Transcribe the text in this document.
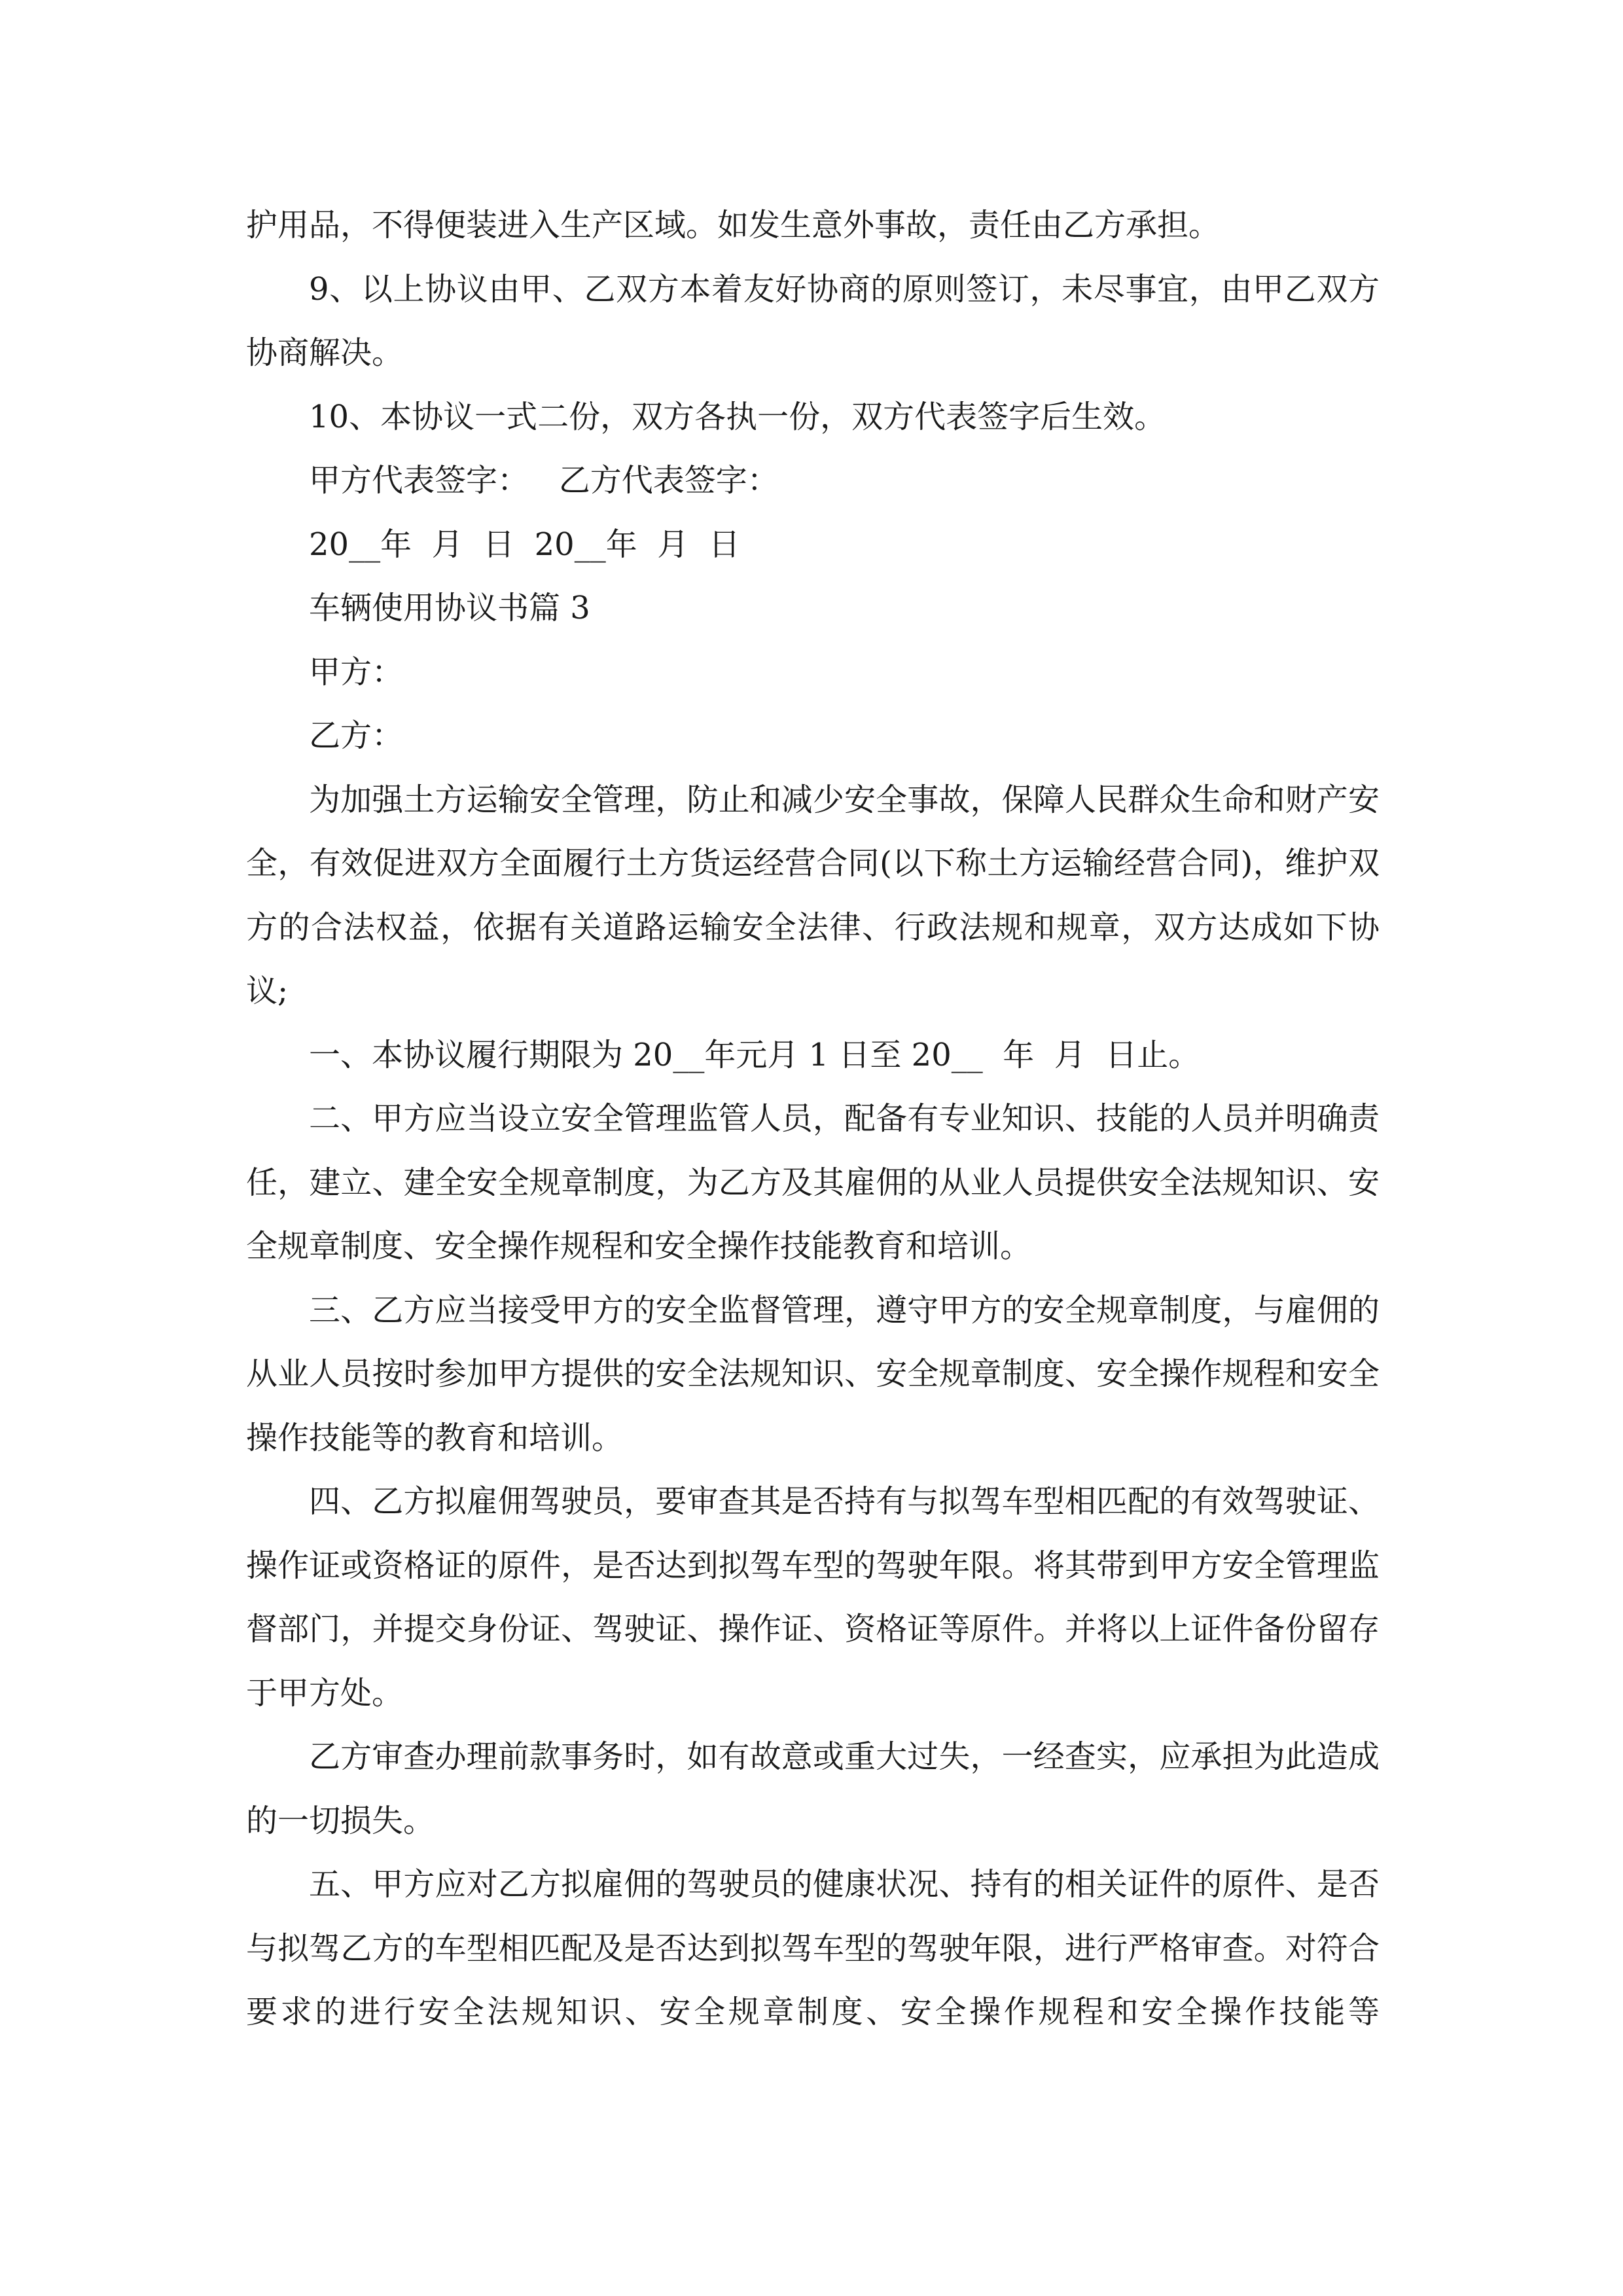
护用品，不得便装进入生产区域。如发生意外事故，责任由乙方承担。

9、以上协议由甲、乙双方本着友好协商的原则签订，未尽事宜，由甲乙双方协商解决。

10、本协议一式二份，双方各执一份，双方代表签字后生效。

甲方代表签字：   乙方代表签字：

20__年  月  日  20__年  月  日

车辆使用协议书篇 3

甲方：

乙方：

为加强土方运输安全管理，防止和减少安全事故，保障人民群众生命和财产安全，有效促进双方全面履行土方货运经营合同(以下称土方运输经营合同)，维护双方的合法权益，依据有关道路运输安全法律、行政法规和规章，双方达成如下协议;

一、本协议履行期限为 20__年元月 1 日至 20__  年  月  日止。

二、甲方应当设立安全管理监管人员，配备有专业知识、技能的人员并明确责任，建立、建全安全规章制度，为乙方及其雇佣的从业人员提供安全法规知识、安全规章制度、安全操作规程和安全操作技能教育和培训。

三、乙方应当接受甲方的安全监督管理，遵守甲方的安全规章制度，与雇佣的从业人员按时参加甲方提供的安全法规知识、安全规章制度、安全操作规程和安全操作技能等的教育和培训。

四、乙方拟雇佣驾驶员，要审查其是否持有与拟驾车型相匹配的有效驾驶证、操作证或资格证的原件，是否达到拟驾车型的驾驶年限。将其带到甲方安全管理监督部门，并提交身份证、驾驶证、操作证、资格证等原件。并将以上证件备份留存于甲方处。

乙方审查办理前款事务时，如有故意或重大过失，一经查实，应承担为此造成的一切损失。

五、甲方应对乙方拟雇佣的驾驶员的健康状况、持有的相关证件的原件、是否与拟驾乙方的车型相匹配及是否达到拟驾车型的驾驶年限，进行严格审查。对符合要求的进行安全法规知识、安全规章制度、安全操作规程和安全操作技能等
